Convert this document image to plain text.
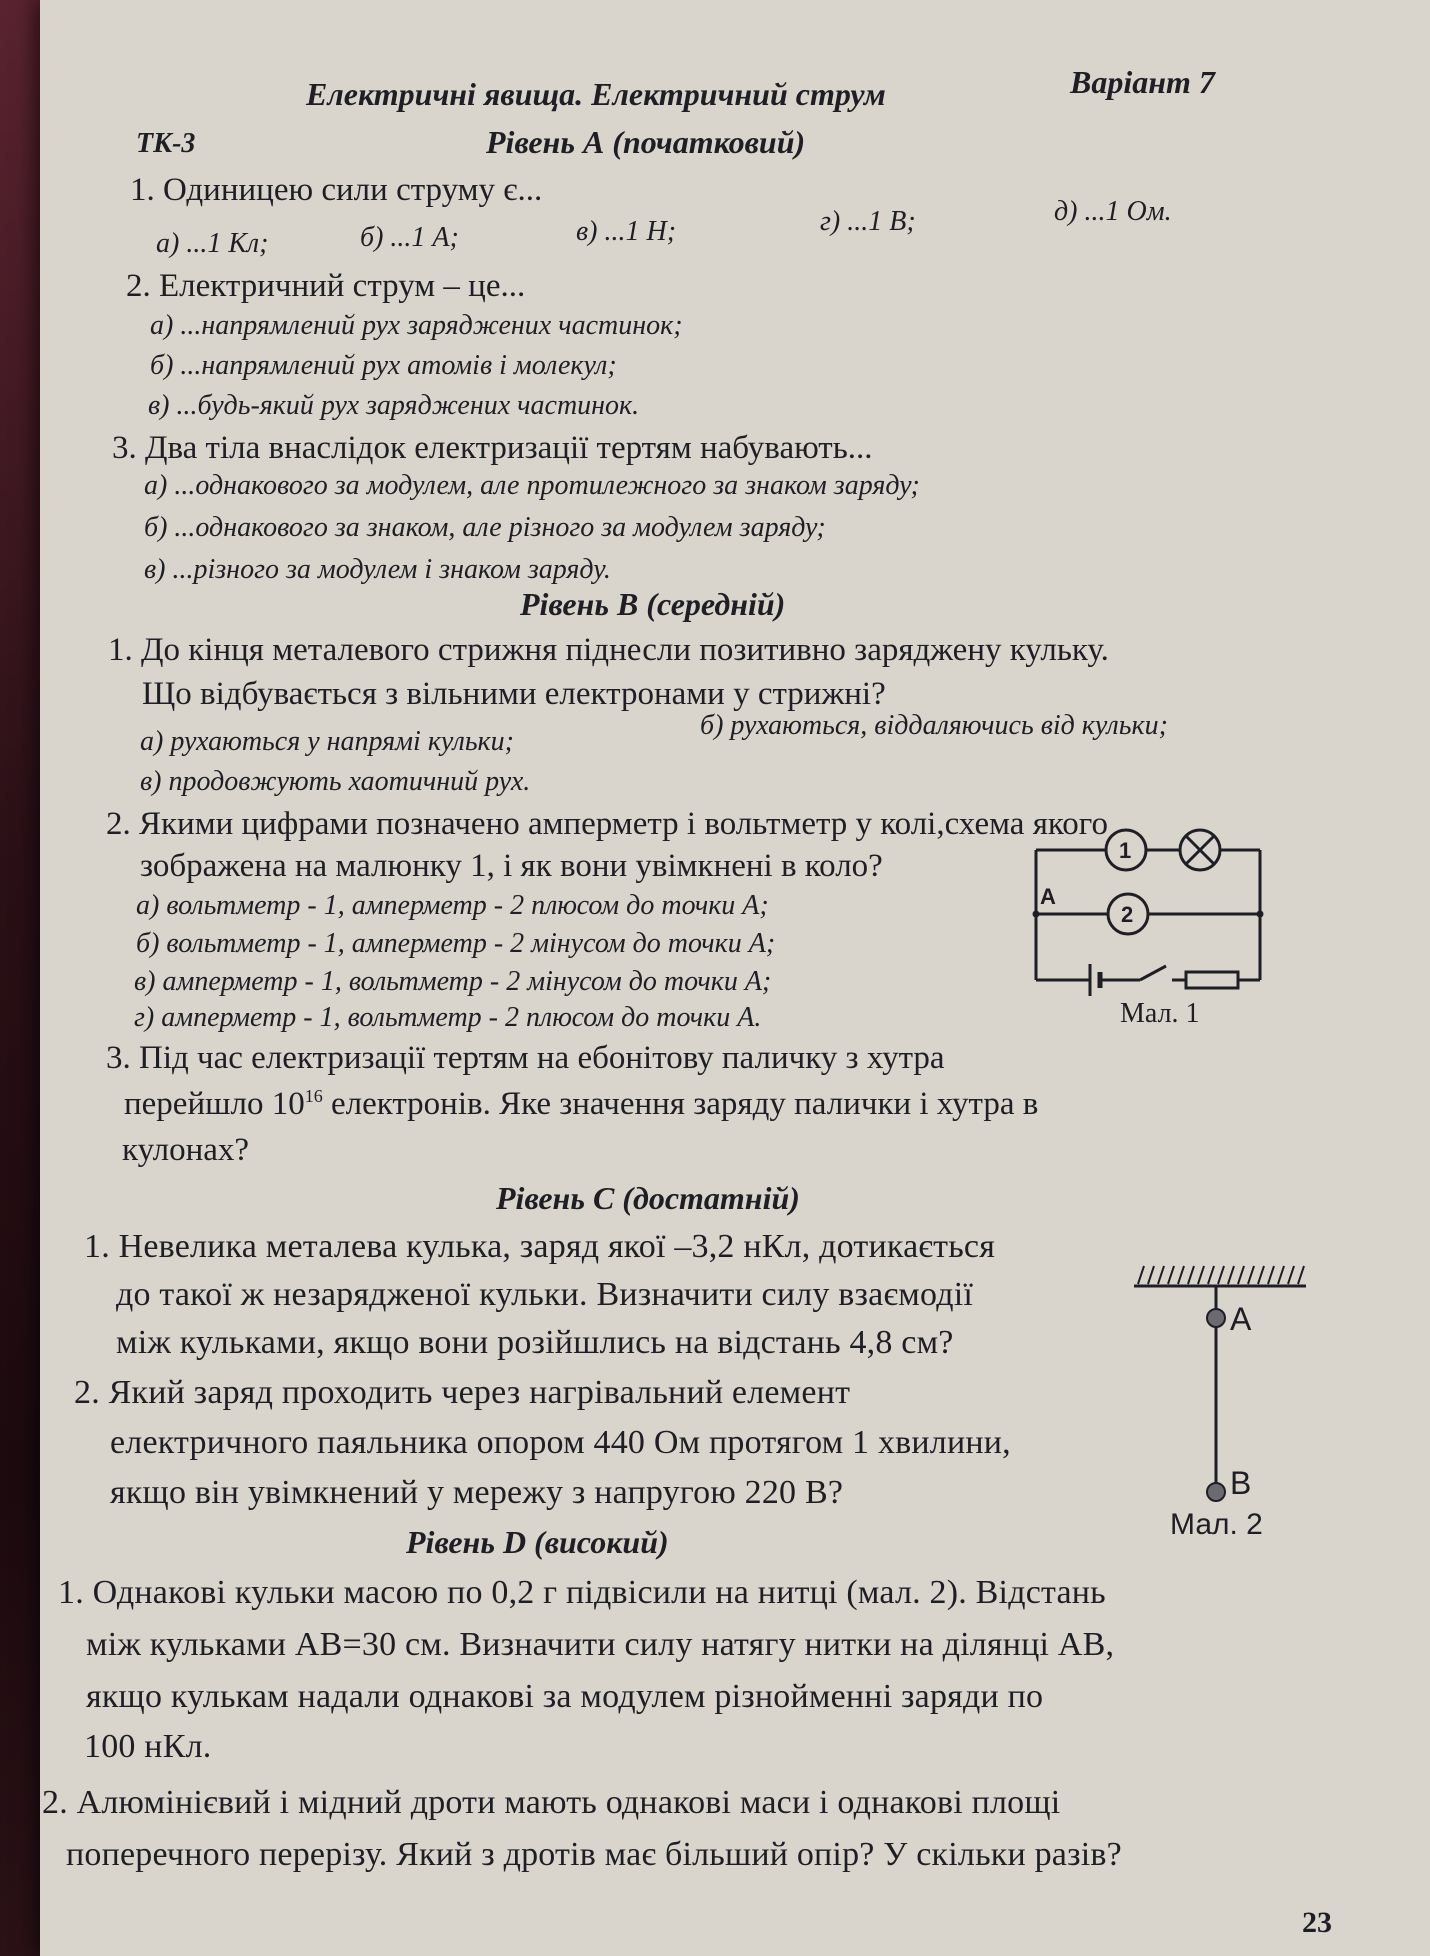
ТК-3
Електричні явища. Електричний струм	Варіант 7
Рівень А (початковий)
1. Одиницею сили струму є...
а) ...1 Кл;	б) ...1 А;	в) ...1 Н;	г) ...1 В;	д) ...1 Ом.
2. Електричний струм – це...
а) ...напрямлений рух заряджених частинок;
б) ...напрямлений рух атомів і молекул;
в) ...будь-який рух заряджених частинок.
3. Два тіла внаслідок електризації тертям набувають...
а) ...однакового за модулем, але протилежного за знаком заряду;
б) ...однакового за знаком, але різного за модулем заряду;
в) ...різного за модулем і знаком заряду.
Рівень В (середній)
1. До кінця металевого стрижня піднесли позитивно заряджену кульку.
Що відбувається з вільними електронами у стрижні?
а) рухаються у напрямі кульки;
б) рухаються, віддаляючись від кульки;
в) продовжують хаотичний рух.
2. Якими цифрами позначено амперметр і вольтметр у колі,схема якого
зображена на малюнку 1, і як вони увімкнені в коло?
а) вольтметр - 1, амперметр - 2 плюсом до точки А;
б) вольтметр - 1, амперметр - 2 мінусом до точки А;
в) амперметр - 1, вольтметр - 2 мінусом до точки А;
г) амперметр - 1, вольтметр - 2 плюсом до точки А.
A
1
2
Мал. 1
3. Під час електризації тертям на ебонітову паличку з хутра
перейшло $10^{16}$ електронів. Яке значення заряду палички і хутра в
кулонах?
Рівень С (достатній)
1. Невелика металева кулька, заряд якої –3,2 нКл, дотикається
до такої ж незарядженої кульки. Визначити силу взаємодії
між кульками, якщо вони розійшлись на відстань 4,8 см?
2. Який заряд проходить через нагрівальний елемент
електричного паяльника опором 440 Ом протягом 1 хвилини,
якщо він увімкнений у мережу з напругою 220 В?
A
B
Мал. 2
Рівень D (високий)
1. Однакові кульки масою по 0,2 г підвісили на нитці (мал. 2). Відстань
між кульками АВ=30 см. Визначити силу натягу нитки на ділянці АВ,
якщо кулькам надали однакові за модулем різнойменні заряди по
100 нКл.
2. Алюмінієвий і мідний дроти мають однакові маси і однакові площі
поперечного перерізу. Який з дротів має більший опір? У скільки разів?
23
